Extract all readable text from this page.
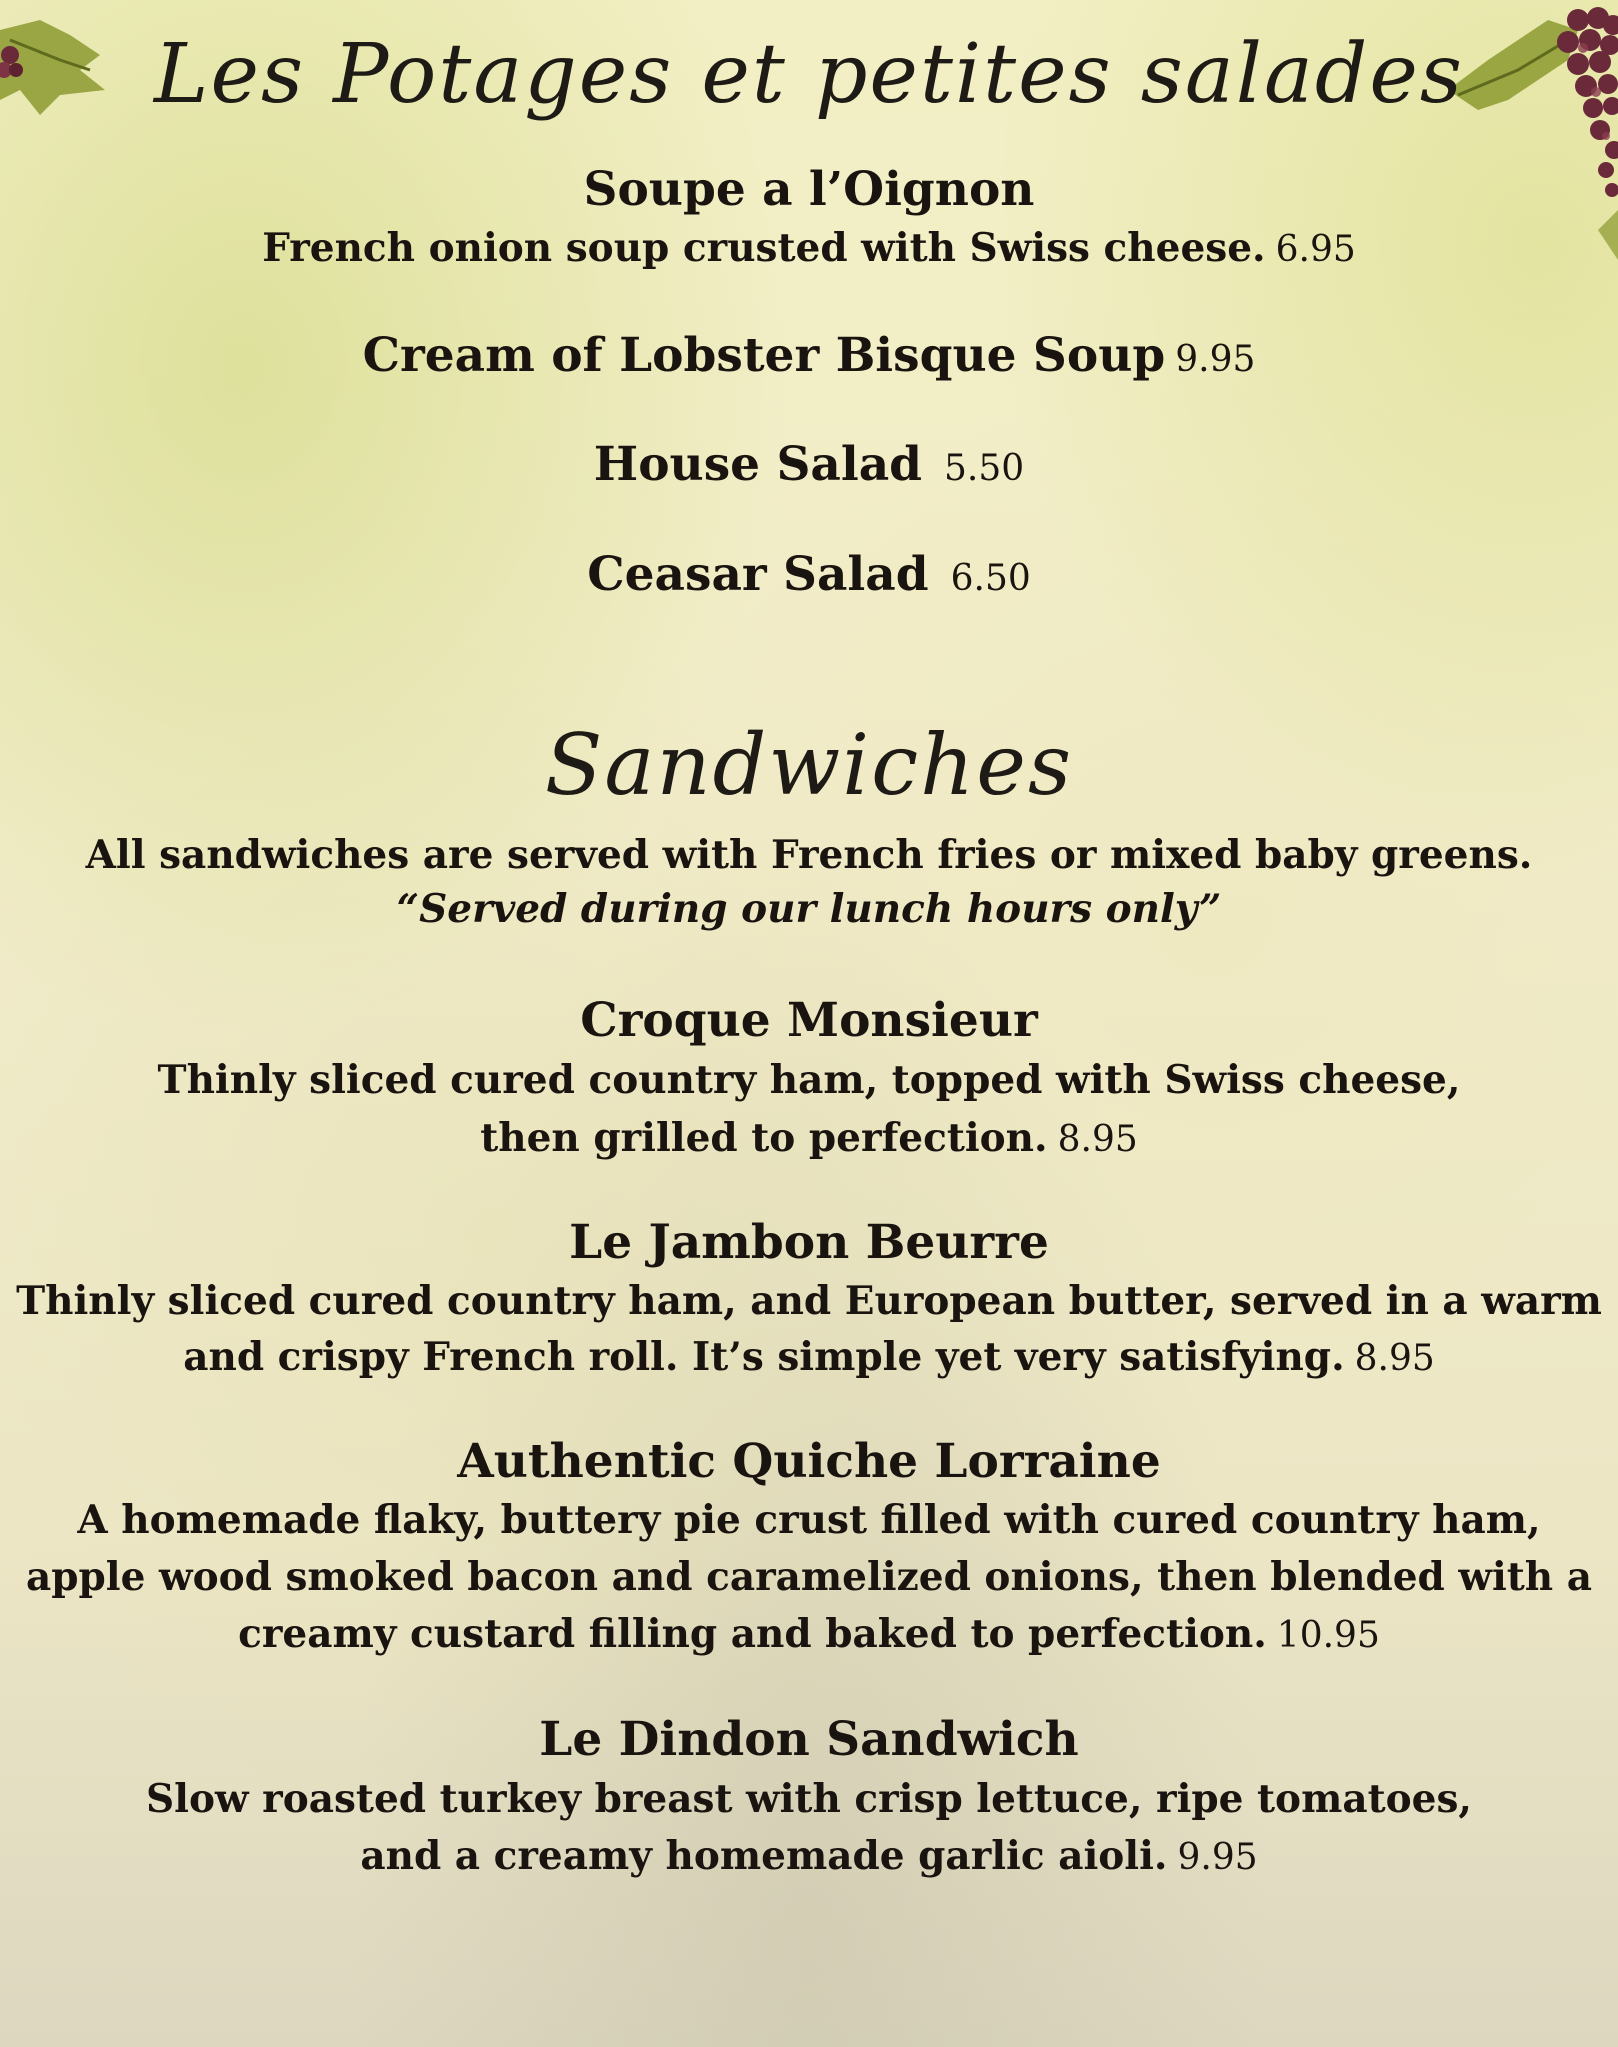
Les Potages et petites salades
Soupe a l’Oignon
French onion soup crusted with Swiss cheese. 6.95
Cream of Lobster Bisque Soup 9.95
House Salad 5.50
Ceasar Salad 6.50
Sandwiches
All sandwiches are served with French fries or mixed baby greens.
“Served during our lunch hours only”
Croque Monsieur
Thinly sliced cured country ham, topped with Swiss cheese,
then grilled to perfection. 8.95
Le Jambon Beurre
Thinly sliced cured country ham, and European butter, served in a warm
and crispy French roll. It’s simple yet very satisfying. 8.95
Authentic Quiche Lorraine
A homemade flaky, buttery pie crust filled with cured country ham,
apple wood smoked bacon and caramelized onions, then blended with a
creamy custard filling and baked to perfection. 10.95
Le Dindon Sandwich
Slow roasted turkey breast with crisp lettuce, ripe tomatoes,
and a creamy homemade garlic aioli. 9.95
